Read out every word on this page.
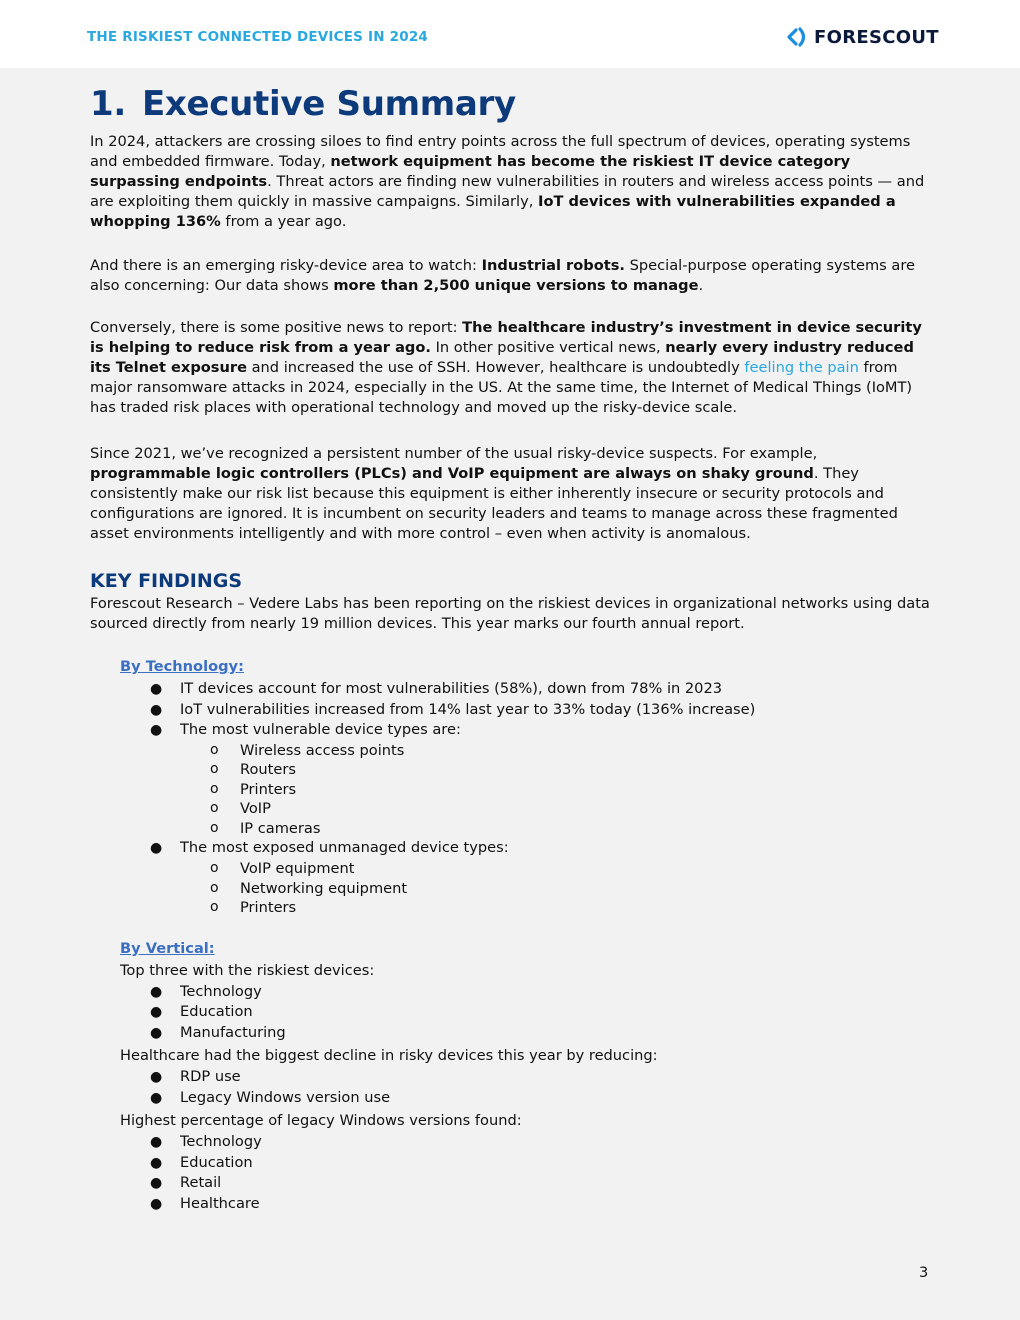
THE RISKIEST CONNECTED DEVICES IN 2024	FORESCOUT
1. Executive Summary

In 2024, attackers are crossing siloes to find entry points across the full spectrum of devices, operating systems and embedded firmware. Today, network equipment has become the riskiest IT device category surpassing endpoints. Threat actors are finding new vulnerabilities in routers and wireless access points — and are exploiting them quickly in massive campaigns. Similarly, IoT devices with vulnerabilities expanded a whopping 136% from a year ago.

And there is an emerging risky-device area to watch: Industrial robots. Special-purpose operating systems are also concerning: Our data shows more than 2,500 unique versions to manage.

Conversely, there is some positive news to report: The healthcare industry’s investment in device security is helping to reduce risk from a year ago. In other positive vertical news, nearly every industry reduced its Telnet exposure and increased the use of SSH. However, healthcare is undoubtedly feeling the pain from major ransomware attacks in 2024, especially in the US. At the same time, the Internet of Medical Things (IoMT) has traded risk places with operational technology and moved up the risky-device scale.

Since 2021, we’ve recognized a persistent number of the usual risky-device suspects. For example, programmable logic controllers (PLCs) and VoIP equipment are always on shaky ground. They consistently make our risk list because this equipment is either inherently insecure or security protocols and configurations are ignored. It is incumbent on security leaders and teams to manage across these fragmented asset environments intelligently and with more control – even when activity is anomalous.

KEY FINDINGS

Forescout Research – Vedere Labs has been reporting on the riskiest devices in organizational networks using data sourced directly from nearly 19 million devices. This year marks our fourth annual report.

By Technology:
● IT devices account for most vulnerabilities (58%), down from 78% in 2023
● IoT vulnerabilities increased from 14% last year to 33% today (136% increase)
● The most vulnerable device types are:
o Wireless access points
o Routers
o Printers
o VoIP
o IP cameras
● The most exposed unmanaged device types:
o VoIP equipment
o Networking equipment
o Printers
By Vertical:
Top three with the riskiest devices:
● Technology
● Education
● Manufacturing
Healthcare had the biggest decline in risky devices this year by reducing:
● RDP use
● Legacy Windows version use
Highest percentage of legacy Windows versions found:
● Technology
● Education
● Retail
● Healthcare
3
